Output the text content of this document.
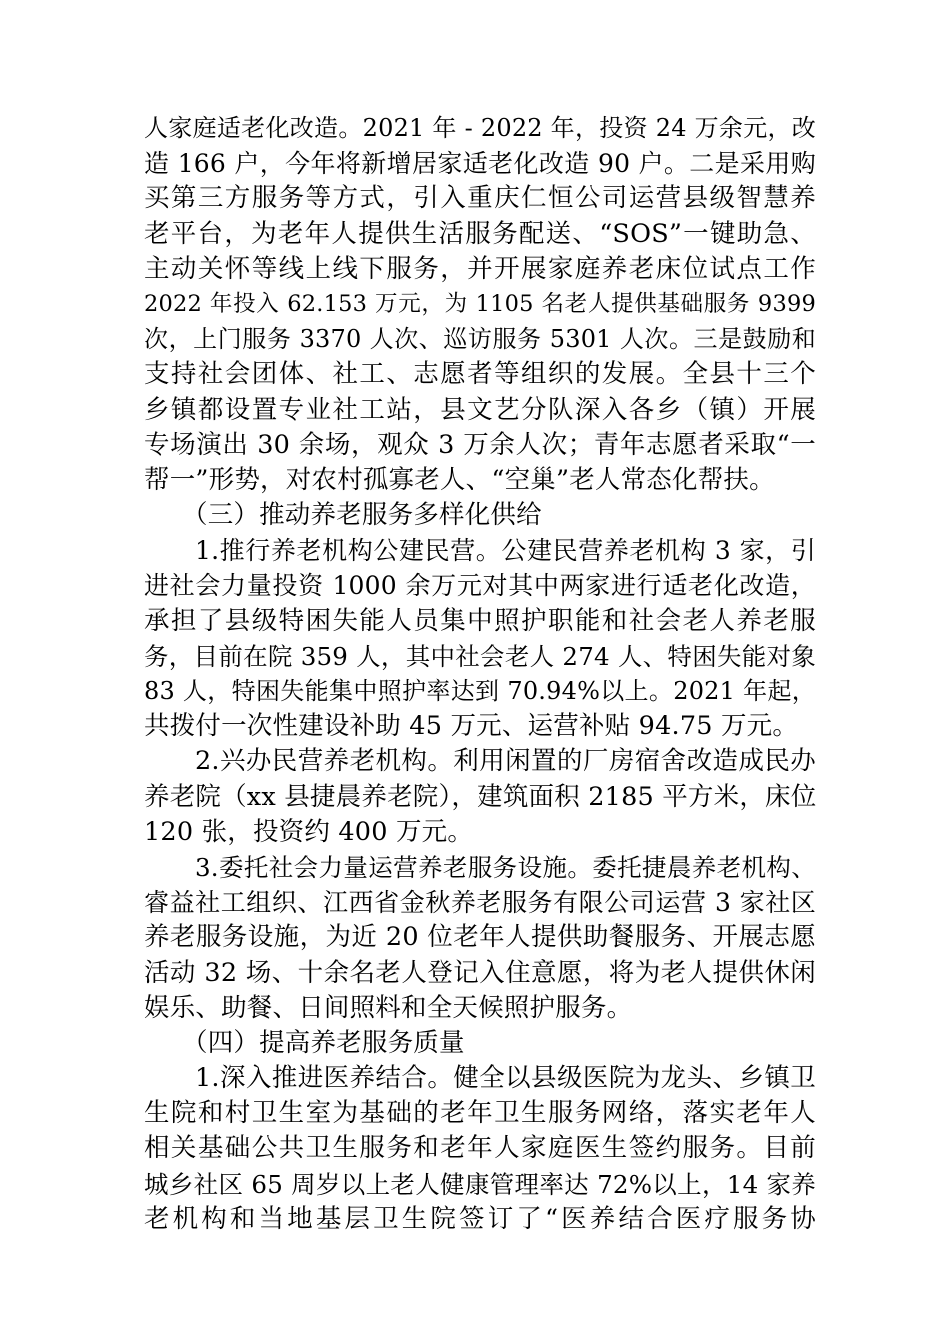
人家庭适老化改造。2021 年 - 2022 年，投资 24 万余元，改
造 166 户，今年将新增居家适老化改造 90 户。二是采用购
买第三方服务等方式，引入重庆仁恒公司运营县级智慧养
老平台，为老年人提供生活服务配送、“SOS”一键助急、
主动关怀等线上线下服务，并开展家庭养老床位试点工作
2022 年投入 62.153 万元，为 1105 名老人提供基础服务 9399
次，上门服务 3370 人次、巡访服务 5301 人次。三是鼓励和
支持社会团体、社工、志愿者等组织的发展。全县十三个
乡镇都设置专业社工站，县文艺分队深入各乡（镇）开展
专场演出 30 余场，观众 3 万余人次；青年志愿者采取“一
帮一”形势，对农村孤寡老人、“空巢”老人常态化帮扶。
（三）推动养老服务多样化供给
1.推行养老机构公建民营。公建民营养老机构 3 家，引
进社会力量投资 1000 余万元对其中两家进行适老化改造，
承担了县级特困失能人员集中照护职能和社会老人养老服
务，目前在院 359 人，其中社会老人 274 人、特困失能对象
83 人，特困失能集中照护率达到 70.94%以上。2021 年起，
共拨付一次性建设补助 45 万元、运营补贴 94.75 万元。
2.兴办民营养老机构。利用闲置的厂房宿舍改造成民办
养老院（xx 县捷晨养老院），建筑面积 2185 平方米，床位
120 张，投资约 400 万元。
3.委托社会力量运营养老服务设施。委托捷晨养老机构、
睿益社工组织、江西省金秋养老服务有限公司运营 3 家社区
养老服务设施，为近 20 位老年人提供助餐服务、开展志愿
活动 32 场、十余名老人登记入住意愿，将为老人提供休闲
娱乐、助餐、日间照料和全天候照护服务。
（四）提高养老服务质量
1.深入推进医养结合。健全以县级医院为龙头、乡镇卫
生院和村卫生室为基础的老年卫生服务网络，落实老年人
相关基础公共卫生服务和老年人家庭医生签约服务。目前
城乡社区 65 周岁以上老人健康管理率达 72%以上，14 家养
老机构和当地基层卫生院签订了“医养结合医疗服务协
